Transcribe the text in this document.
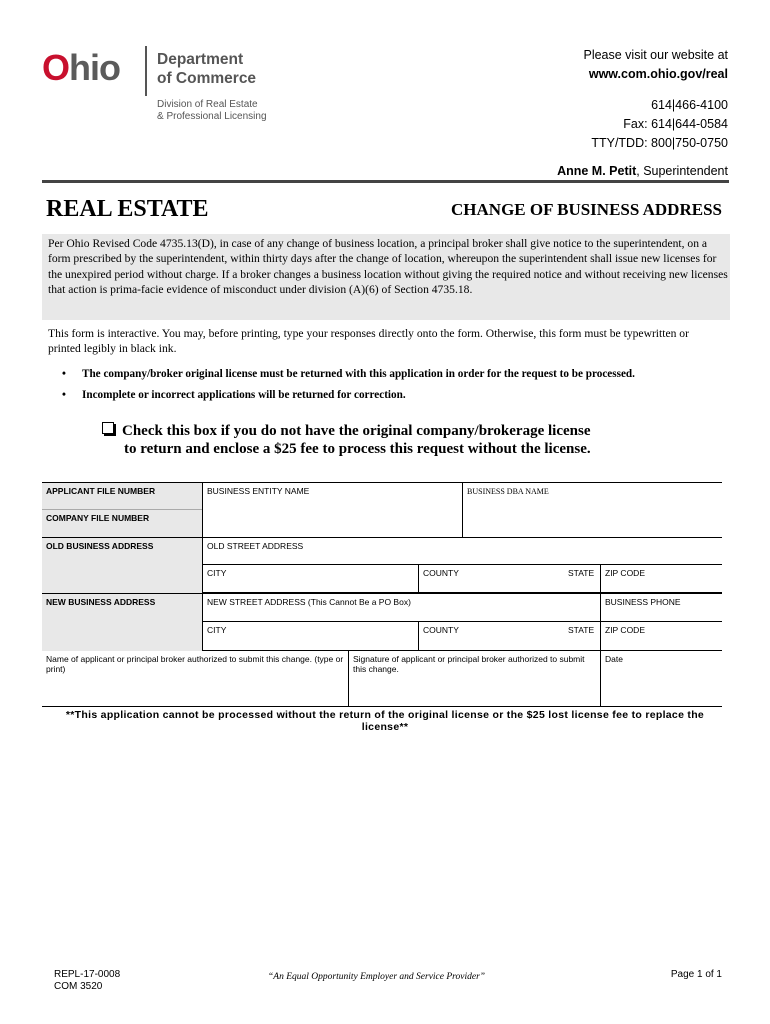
Ohio Department
of Commerce
Division of Real Estate
& Professional Licensing
Please visit our website at
www.com.ohio.gov/real
614|466-4100
Fax: 614|644-0584
TTY/TDD: 800|750-0750
Anne M. Petit, Superintendent
REAL ESTATE	CHANGE OF BUSINESS ADDRESS
Per Ohio Revised Code 4735.13(D), in case of any change of business location, a principal broker shall give notice to the superintendent, on a form prescribed by the superintendent, within thirty days after the change of location, whereupon the superintendent shall issue new licenses for the unexpired period without charge. If a broker changes a business location without giving the required notice and without receiving new licenses that action is prima-facie evidence of misconduct under division (A)(6) of Section 4735.18.
This form is interactive. You may, before printing, type your responses directly onto the form. Otherwise, this form must be typewritten or printed legibly in black ink.
• The company/broker original license must be returned with this application in order for the request to be processed.
• Incomplete or incorrect applications will be returned for correction.
Check this box if you do not have the original company/brokerage license
to return and enclose a $25 fee to process this request without the license.
APPLICANT FILE NUMBER	BUSINESS ENTITY NAME	BUSINESS DBA NAME
COMPANY FILE NUMBER
OLD BUSINESS ADDRESS	OLD STREET ADDRESS
CITY	COUNTY	STATE	ZIP CODE
NEW BUSINESS ADDRESS	NEW STREET ADDRESS (This Cannot Be a PO Box)	BUSINESS PHONE
CITY	COUNTY	STATE	ZIP CODE
Name of applicant or principal broker authorized to submit this change. (type or print)
Signature of applicant or principal broker authorized to submit this change.
Date
**This application cannot be processed without the return of the original license or the $25 lost license fee to replace the license**
REPL-17-0008
COM 3520
“An Equal Opportunity Employer and Service Provider”	Page 1 of 1
